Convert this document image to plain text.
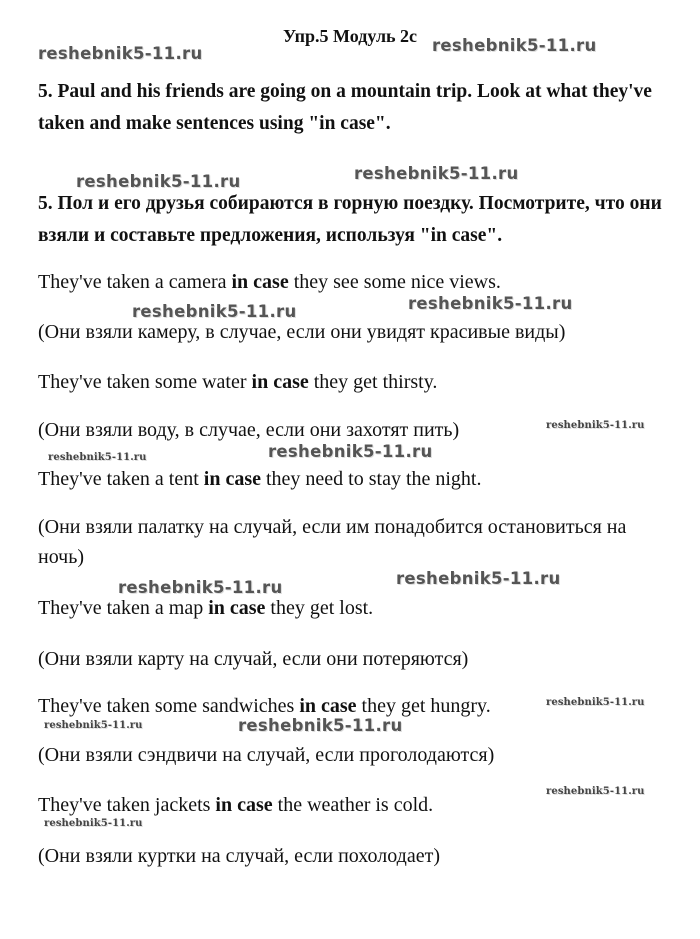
Упр.5 Модуль 2с
5. Paul and his friends are going on a mountain trip. Look at what they've taken and make sentences using "in case".
5. Пол и его друзья собираются в горную поездку. Посмотрите, что они взяли и составьте предложения, используя "in case".
They've taken a camera in case they see some nice views.
(Они взяли камеру, в случае, если они увидят красивые виды)
They've taken some water in case they get thirsty.
(Они взяли воду, в случае, если они захотят пить)
They've taken a tent in case they need to stay the night.
(Они взяли палатку на случай, если им понадобится остановиться на ночь)
They've taken a map in case they get lost.
(Они взяли карту на случай, если они потеряются)
They've taken some sandwiches in case they get hungry.
(Они взяли сэндвичи на случай, если проголодаются)
They've taken jackets in case the weather is cold.
(Они взяли куртки на случай, если похолодает)
reshebnik5-11.ru	reshebnik5-11.ru
reshebnik5-11.ru	reshebnik5-11.ru
reshebnik5-11.ru
reshebnik5-11.ru
reshebnik5-11.ru
reshebnik5-11.ru
reshebnik5-11.ru
reshebnik5-11.ru	reshebnik5-11.ru
reshebnik5-11.ru
reshebnik5-11.ru	reshebnik5-11.ru
reshebnik5-11.ru
reshebnik5-11.ru
